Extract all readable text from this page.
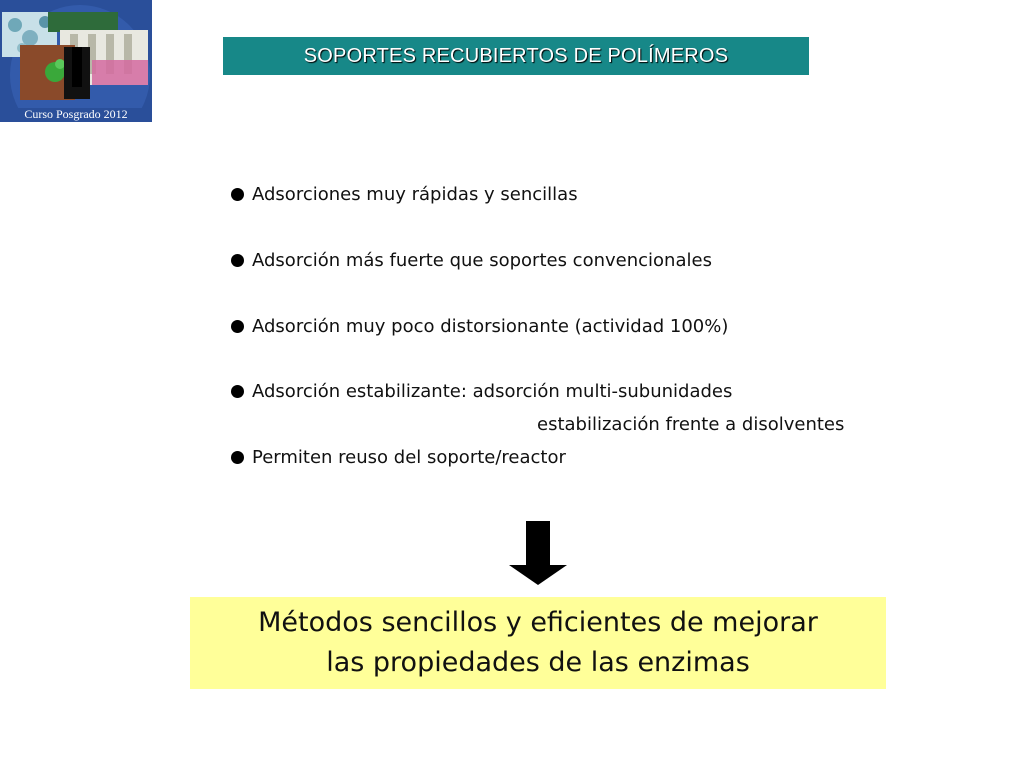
Curso Posgrado 2012
SOPORTES RECUBIERTOS DE POLÍMEROS
Adsorciones muy rápidas y sencillas
Adsorción más fuerte que soportes convencionales
Adsorción muy poco distorsionante (actividad 100%)
Adsorción estabilizante: adsorción multi-subunidades
estabilización frente a disolventes
Permiten reuso del soporte/reactor
Métodos sencillos y eficientes de mejorar
las propiedades de las enzimas
